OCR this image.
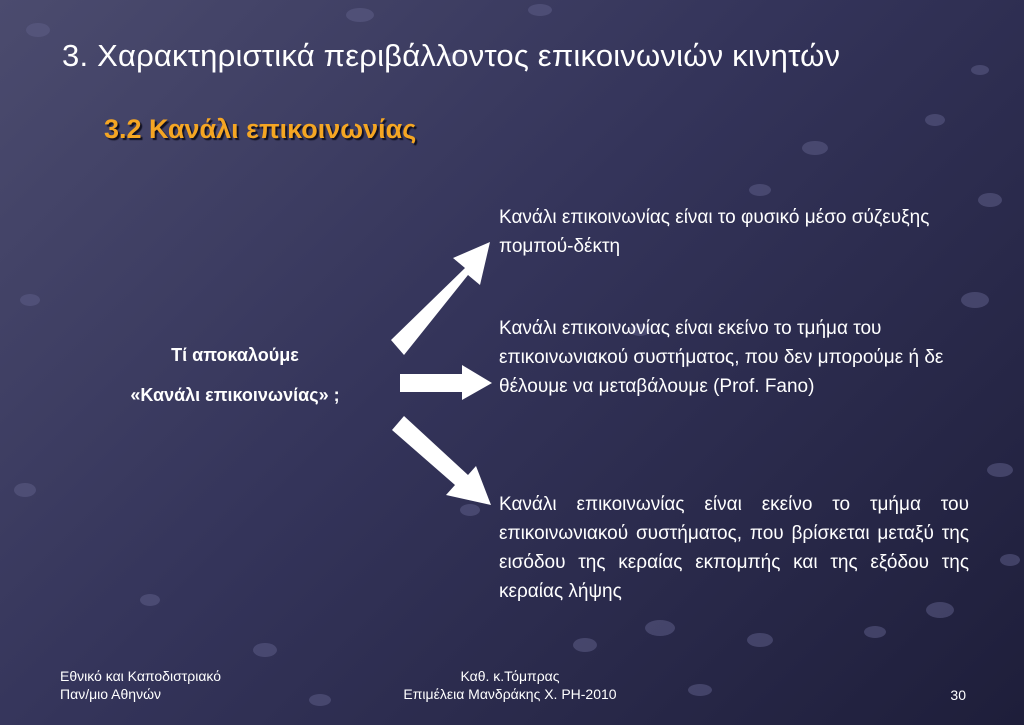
3. Χαρακτηριστικά περιβάλλοντος επικοινωνιών κινητών
3.2 Κανάλι επικοινωνίας
Τί αποκαλούμε
«Κανάλι επικοινωνίας» ;
Κανάλι επικοινωνίας είναι το φυσικό μέσο σύζευξης πομπού-δέκτη
Κανάλι επικοινωνίας είναι εκείνο το τμήμα του επικοινωνιακού συστήματος, που δεν μπορούμε ή δε θέλουμε να μεταβάλουμε (Prof. Fano)
Κανάλι επικοινωνίας είναι εκείνο το τμήμα του επικοινωνιακού συστήματος, που βρίσκεται μεταξύ της εισόδου της κεραίας εκπομπής και της εξόδου της κεραίας λήψης
Εθνικό και Καποδιστριακό
Παν/μιο Αθηνών
Καθ. κ.Τόμπρας
Επιμέλεια Μανδράκης Χ. ΡΗ-2010	30
